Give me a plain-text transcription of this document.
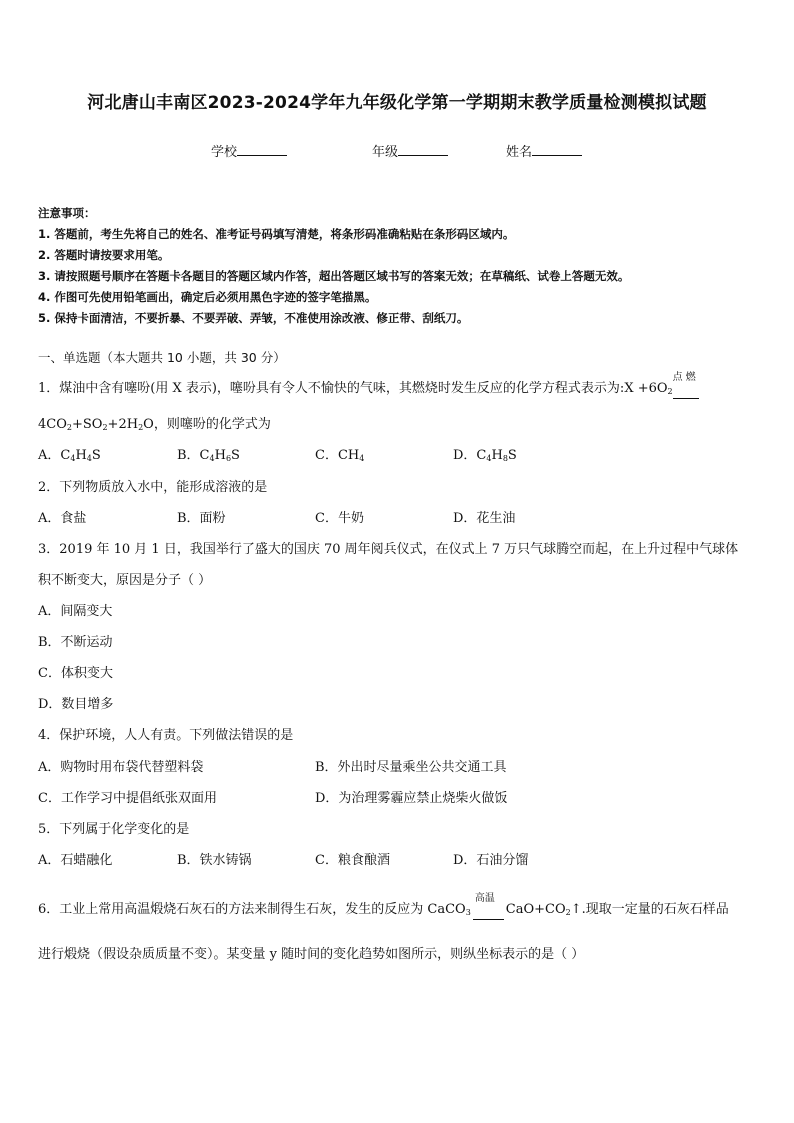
河北唐山丰南区2023-2024学年九年级化学第一学期期末教学质量检测模拟试题
学校	年级	姓名
注意事项：
1. 答题前，考生先将自己的姓名、准考证号码填写清楚，将条形码准确粘贴在条形码区域内。
2. 答题时请按要求用笔。
3. 请按照题号顺序在答题卡各题目的答题区域内作答，超出答题区域书写的答案无效；在草稿纸、试卷上答题无效。
4. 作图可先使用铅笔画出，确定后必须用黑色字迹的签字笔描黑。
5. 保持卡面清洁，不要折暴、不要弄破、弄皱，不准使用涂改液、修正带、刮纸刀。
一、单选题（本大题共 10 小题，共 30 分）
1．煤油中含有噻吩(用 X 表示)，噻吩具有令人不愉快的气味，其燃烧时发生反应的化学方程式表示为:X $+6O_2$
点 燃

$4CO_2+SO_2+2H_2O$，则噻吩的化学式为
A．$C_4H_4S$	B．$C_4H_6S$	C．$CH_4$	D．$C_4H_8S$
2．下列物质放入水中，能形成溶液的是
A．食盐	B．面粉	C．牛奶	D．花生油
3．2019 年 10 月 1 日，我国举行了盛大的国庆 70 周年阅兵仪式，在仪式上 7 万只气球腾空而起，在上升过程中气球体
积不断变大，原因是分子（ ）
A．间隔变大
B．不断运动
C．体积变大
D．数目增多
4．保护环境，人人有责。下列做法错误的是
A．购物时用布袋代替塑料袋	B．外出时尽量乘坐公共交通工具
C．工作学习中提倡纸张双面用	D．为治理雾霾应禁止烧柴火做饭
5．下列属于化学变化的是
A．石蜡融化	B．铁水铸锅	C．粮食酿酒	D．石油分馏
6．工业上常用高温煅烧石灰石的方法来制得生石灰，发生的反应为 CaCO$_3$
高温
$CaO+CO_2↑$.现取一定量的石灰石样品
进行煅烧（假设杂质质量不变）。某变量 y 随时间的变化趋势如图所示，则纵坐标表示的是（ ）
